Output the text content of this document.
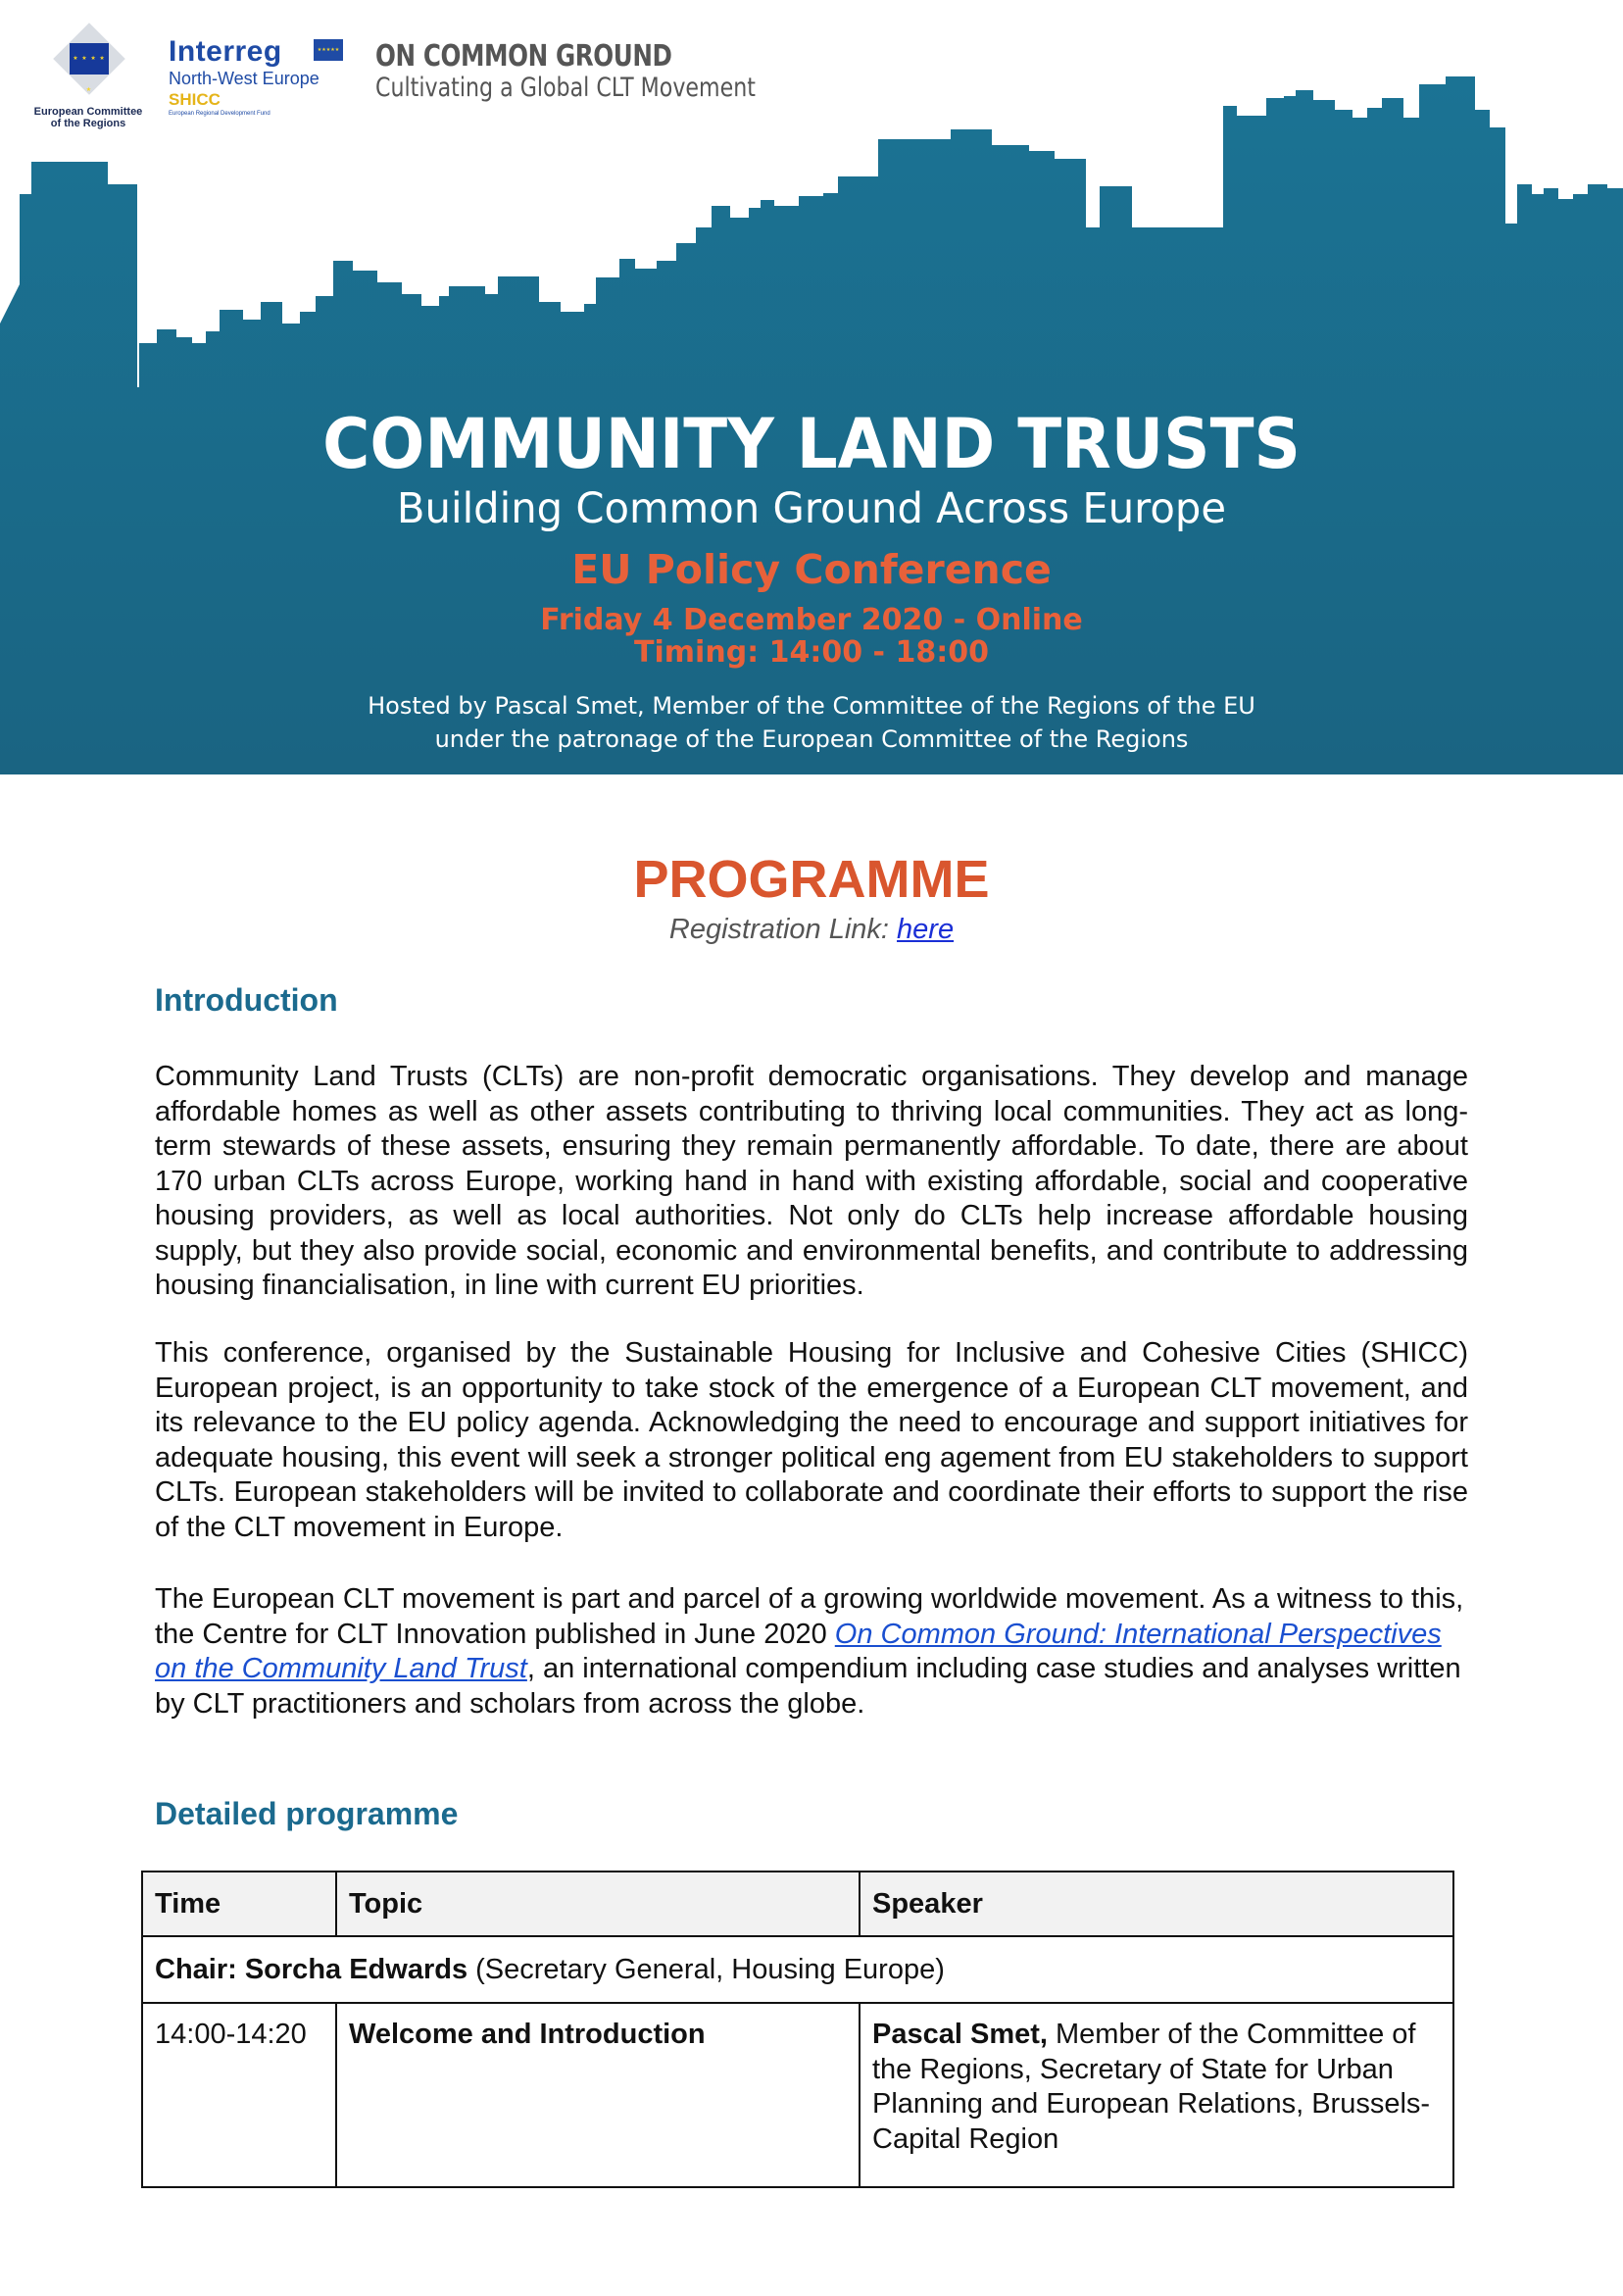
★ ★ ★ ★ ★
European Committee of the Regions
Interreg	★★★★★
North-West Europe
SHICC
European Regional Development Fund
ON COMMON GROUND
Cultivating a Global CLT Movement
COMMUNITY LAND TRUSTS
Building Common Ground Across Europe
EU Policy Conference
Friday 4 December 2020 - Online
Timing: 14:00 - 18:00
Hosted by Pascal Smet, Member of the Committee of the Regions of the EU
under the patronage of the European Committee of the Regions
PROGRAMME
Registration Link: here
Introduction
Community Land Trusts (CLTs) are non-profit democratic organisations. They develop and manage affordable homes as well as other assets contributing to thriving local communities. They act as long-term stewards of these assets, ensuring they remain permanently affordable. To date, there are about 170 urban CLTs across Europe, working hand in hand with existing affordable, social and cooperative housing providers, as well as local authorities. Not only do CLTs help increase affordable housing supply, but they also provide social, economic and environmental benefits, and contribute to addressing housing financialisation, in line with current EU priorities.
This conference, organised by the Sustainable Housing for Inclusive and Cohesive Cities (SHICC) European project, is an opportunity to take stock of the emergence of a European CLT movement, and its relevance to the EU policy agenda. Acknowledging the need to encourage and support initiatives for adequate housing, this event will seek a stronger political eng agement from EU stakeholders to support CLTs. European stakeholders will be invited to collaborate and coordinate their efforts to support the rise of the CLT movement in Europe.
The European CLT movement is part and parcel of a growing worldwide movement. As a witness to this, the Centre for CLT Innovation published in June 2020 On Common Ground: International Perspectives on the Community Land Trust, an international compendium including case studies and analyses written by CLT practitioners and scholars from across the globe.
Detailed programme
Time	Topic	Speaker
Chair: Sorcha Edwards (Secretary General, Housing Europe)		
14:00-14:20	Welcome and Introduction	Pascal Smet, Member of the Committee of the Regions, Secretary of State for Urban Planning and European Relations, Brussels-Capital Region
